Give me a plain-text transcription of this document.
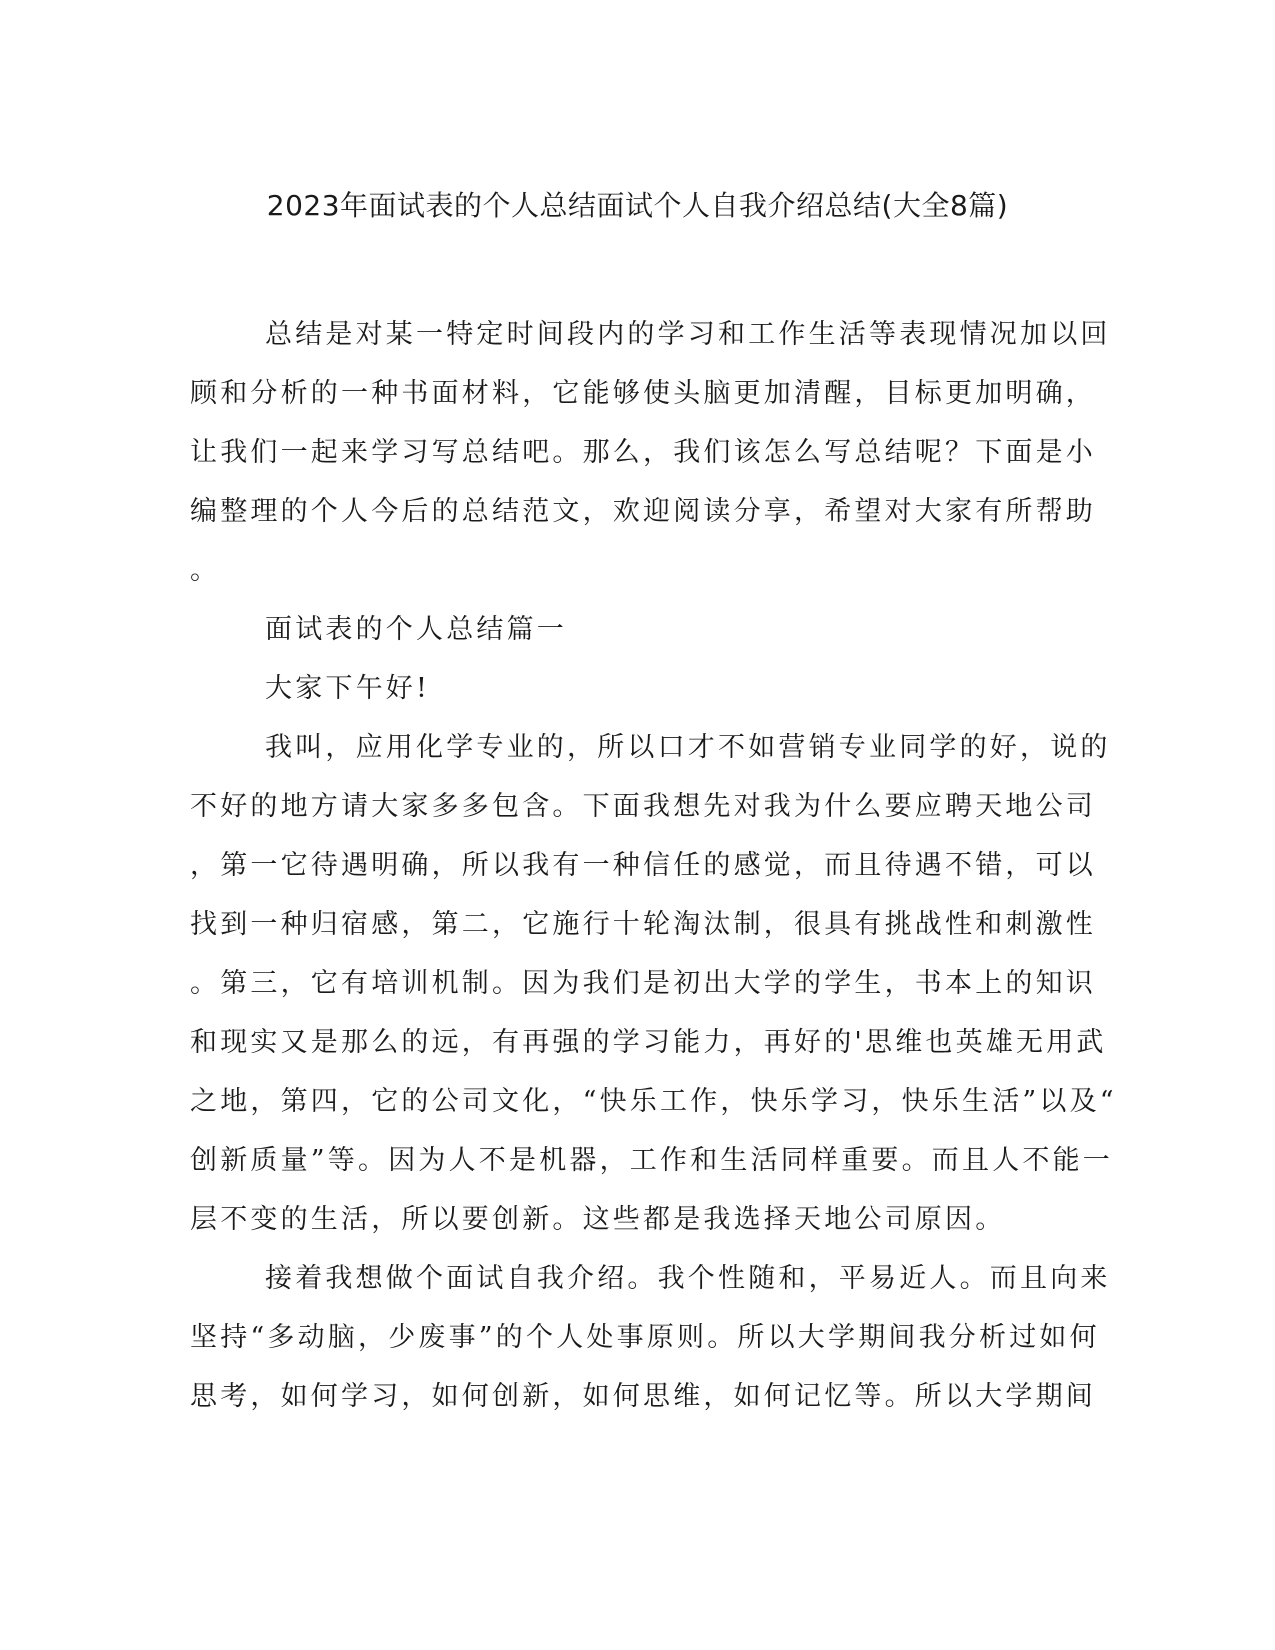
2023年面试表的个人总结面试个人自我介绍总结(大全8篇)
总结是对某一特定时间段内的学习和工作生活等表现情况加以回
顾和分析的一种书面材料，它能够使头脑更加清醒，目标更加明确，
让我们一起来学习写总结吧。那么，我们该怎么写总结呢？下面是小
编整理的个人今后的总结范文，欢迎阅读分享，希望对大家有所帮助
。
面试表的个人总结篇一
大家下午好!
我叫，应用化学专业的，所以口才不如营销专业同学的好，说的
不好的地方请大家多多包含。下面我想先对我为什么要应聘天地公司
，第一它待遇明确，所以我有一种信任的感觉，而且待遇不错，可以
找到一种归宿感，第二，它施行十轮淘汰制，很具有挑战性和刺激性
。第三，它有培训机制。因为我们是初出大学的学生，书本上的知识
和现实又是那么的远，有再强的学习能力，再好的'思维也英雄无用武
之地，第四，它的公司文化，“快乐工作，快乐学习，快乐生活”以及“
创新质量”等。因为人不是机器，工作和生活同样重要。而且人不能一
层不变的生活，所以要创新。这些都是我选择天地公司原因。
接着我想做个面试自我介绍。我个性随和，平易近人。而且向来
坚持“多动脑，少废事”的个人处事原则。所以大学期间我分析过如何
思考，如何学习，如何创新，如何思维，如何记忆等。所以大学期间
